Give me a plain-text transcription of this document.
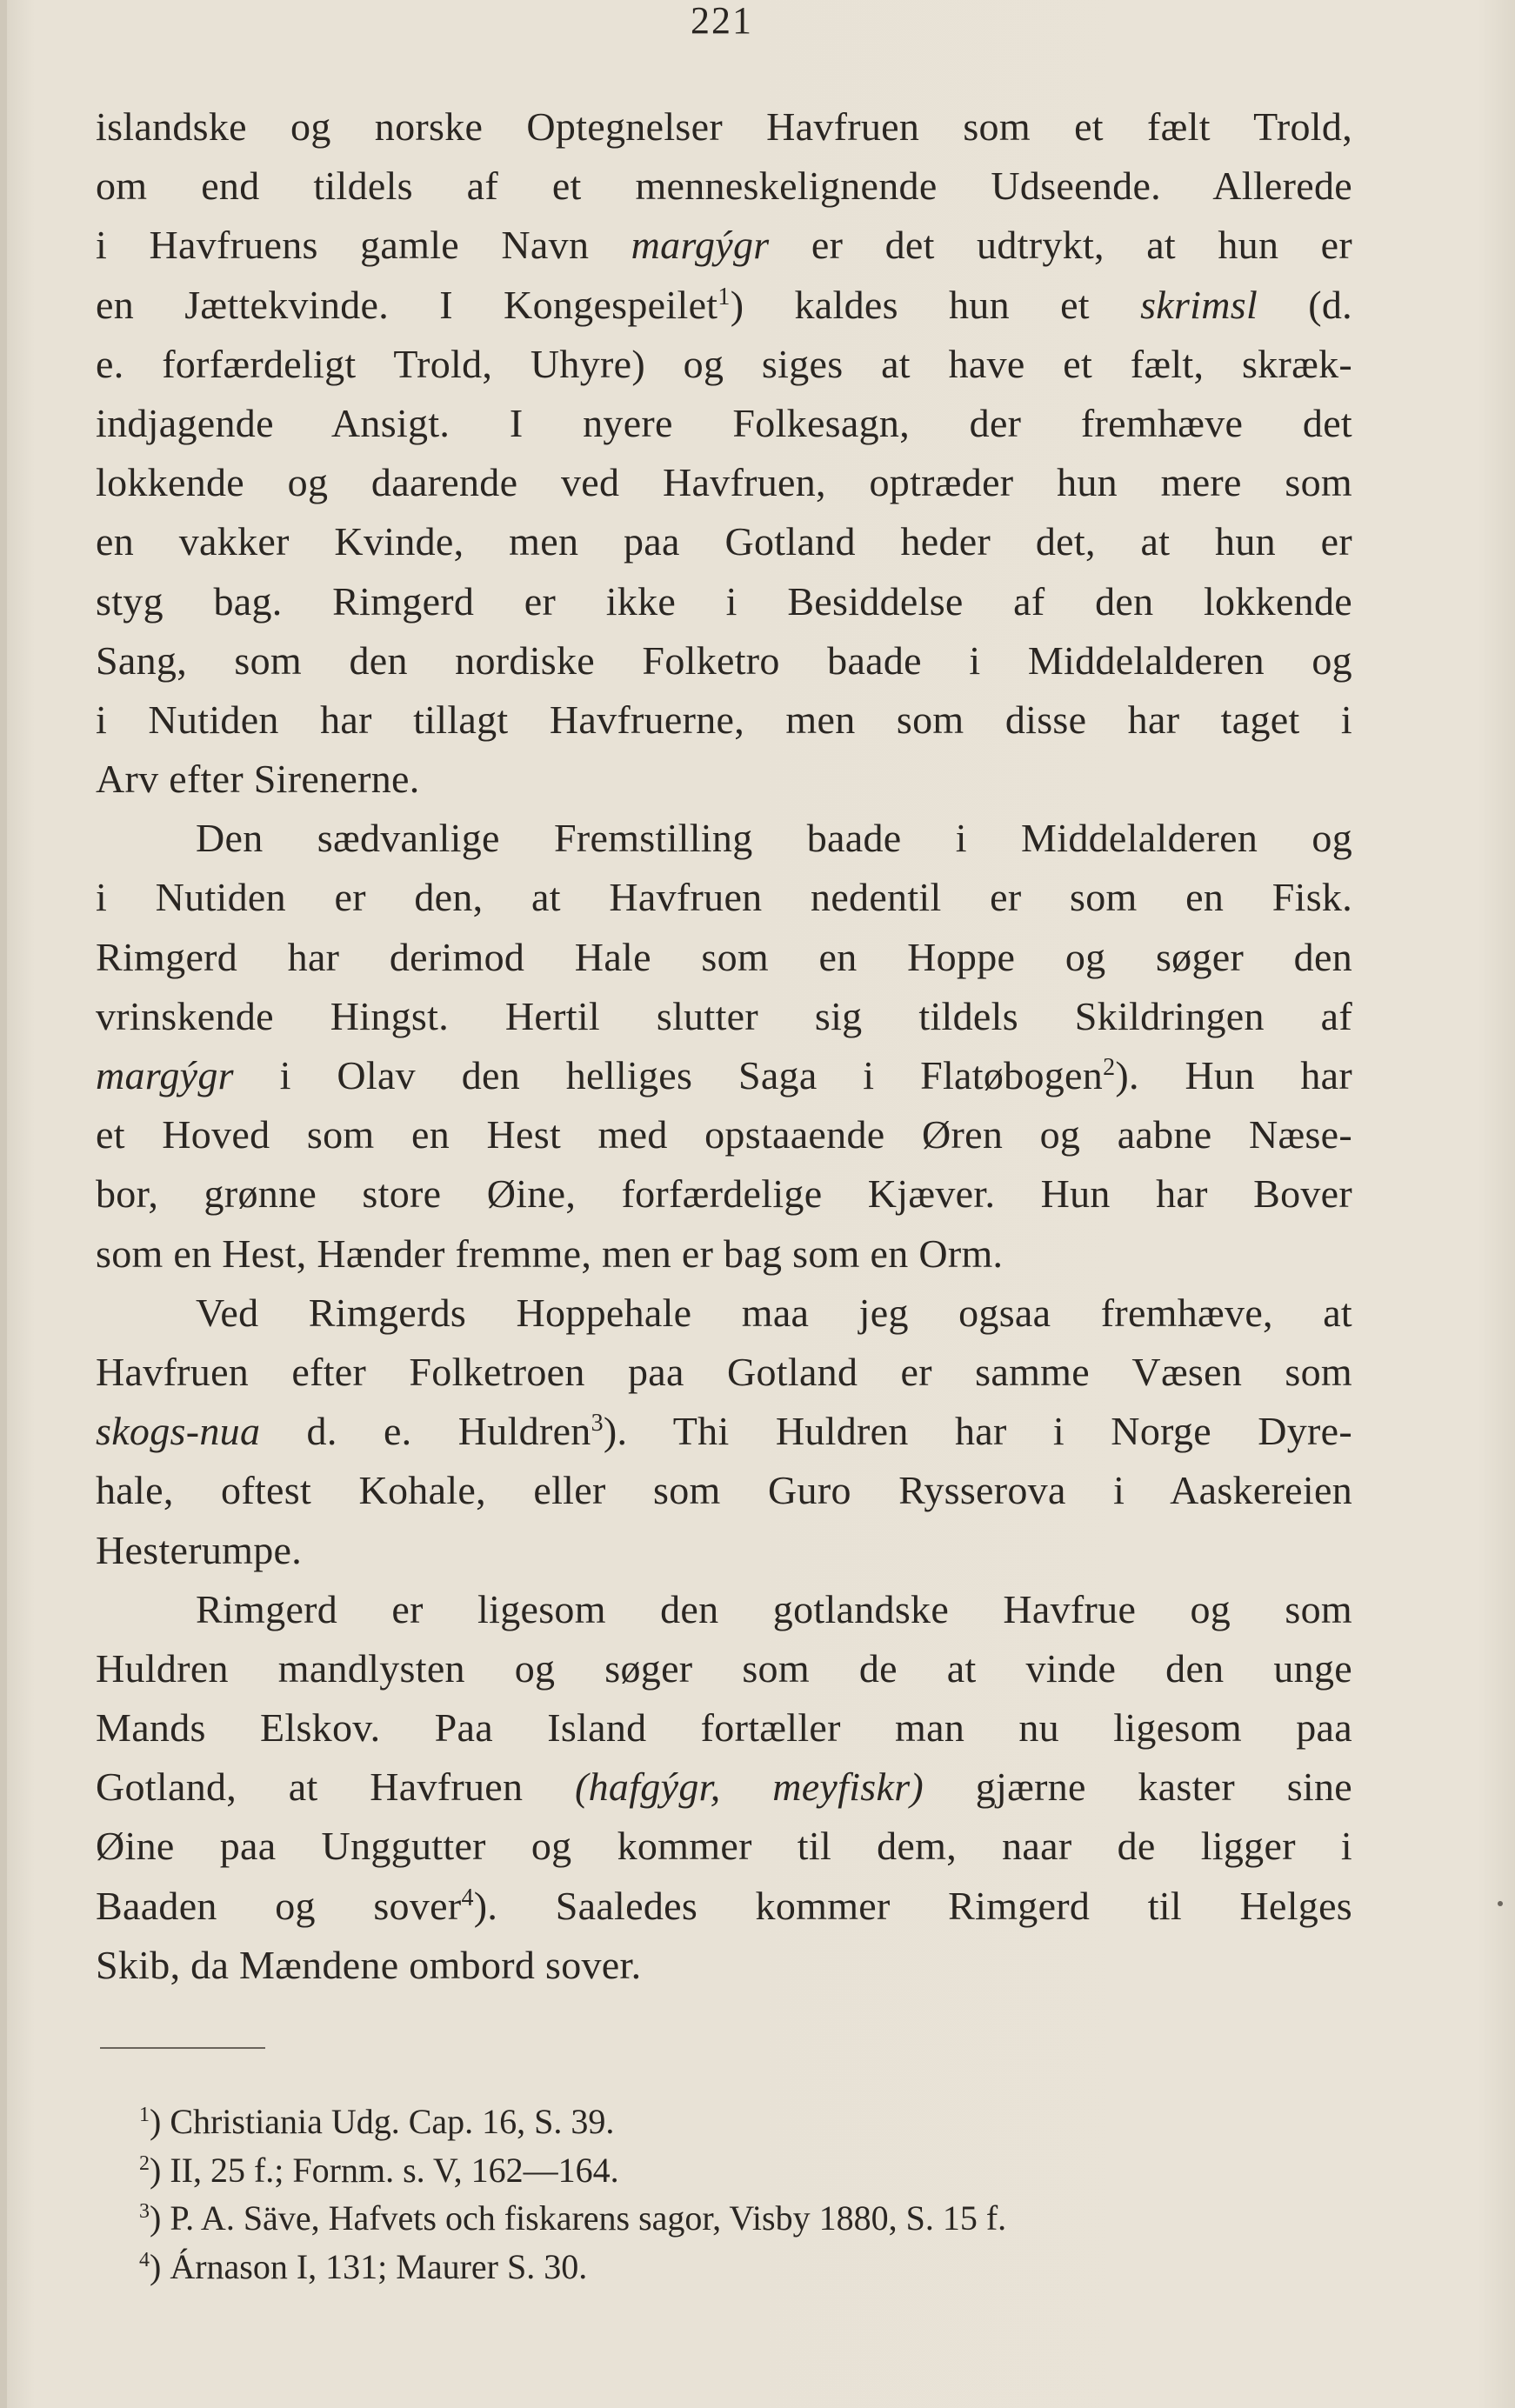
221
islandske og norske Optegnelser Havfruen som et fælt Trold,
om end tildels af et menneskelignende Udseende. Allerede
i Havfruens gamle Navn margýgr er det udtrykt, at hun er
en Jættekvinde. I Kongespeilet$^1$) kaldes hun et skrimsl (d.
e. forfærdeligt Trold, Uhyre) og siges at have et fælt, skræk-
indjagende Ansigt. I nyere Folkesagn, der fremhæve det
lokkende og daarende ved Havfruen, optræder hun mere som
en vakker Kvinde, men paa Gotland heder det, at hun er
styg bag. Rimgerd er ikke i Besiddelse af den lokkende
Sang, som den nordiske Folketro baade i Middelalderen og
i Nutiden har tillagt Havfruerne, men som disse har taget i
Arv efter Sirenerne.
Den sædvanlige Fremstilling baade i Middelalderen og
i Nutiden er den, at Havfruen nedentil er som en Fisk.
Rimgerd har derimod Hale som en Hoppe og søger den
vrinskende Hingst. Hertil slutter sig tildels Skildringen af
margýgr i Olav den helliges Saga i Flatøbogen$^2$). Hun har
et Hoved som en Hest med opstaaende Øren og aabne Næse-
bor, grønne store Øine, forfærdelige Kjæver. Hun har Bover
som en Hest, Hænder fremme, men er bag som en Orm.
Ved Rimgerds Hoppehale maa jeg ogsaa fremhæve, at
Havfruen efter Folketroen paa Gotland er samme Væsen som
skogs-nua d. e. Huldren$^3$). Thi Huldren har i Norge Dyre-
hale, oftest Kohale, eller som Guro Rysserova i Aaskereien
Hesterumpe.
Rimgerd er ligesom den gotlandske Havfrue og som
Huldren mandlysten og søger som de at vinde den unge
Mands Elskov. Paa Island fortæller man nu ligesom paa
Gotland, at Havfruen (hafgýgr, meyfiskr) gjærne kaster sine
Øine paa Unggutter og kommer til dem, naar de ligger i
Baaden og sover$^4$). Saaledes kommer Rimgerd til Helges
Skib, da Mændene ombord sover.
$^1$) Christiania Udg. Cap. 16, S. 39.
$^2$) II, 25 f.; Fornm. s. V, 162—164.
$^3$) P. A. Säve, Hafvets och fiskarens sagor, Visby 1880, S. 15 f.
$^4$) Árnason I, 131; Maurer S. 30.
